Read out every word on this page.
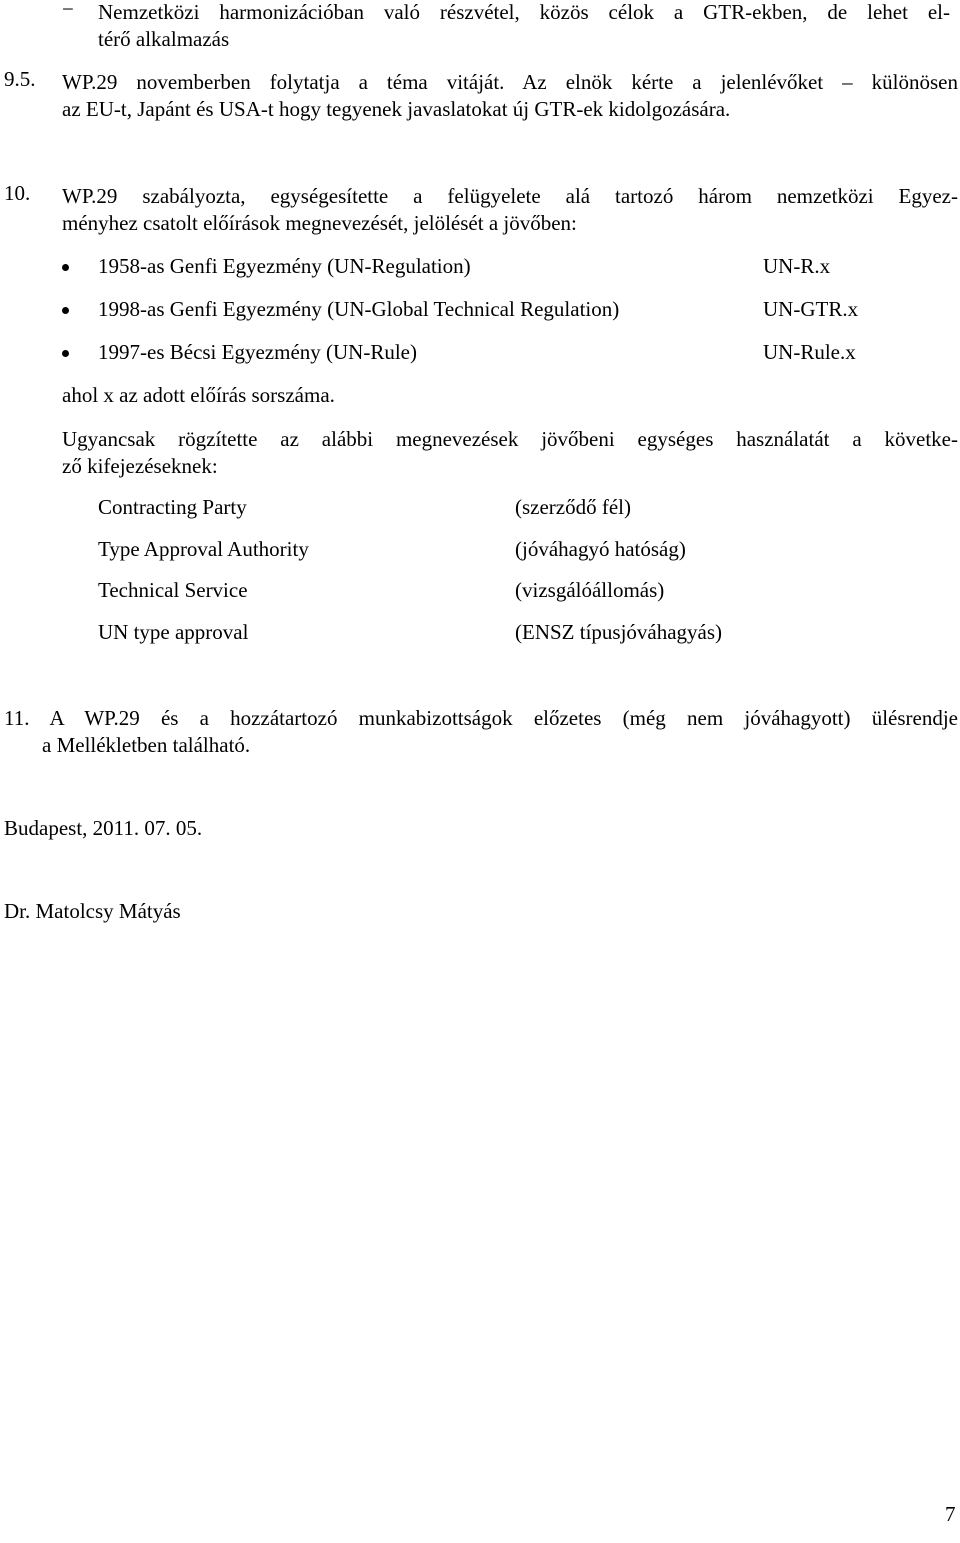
− Nemzetközi harmonizációban való részvétel, közös célok a GTR-ekben, de lehet el-
térő alkalmazás
9.5. WP.29 novemberben folytatja a téma vitáját. Az elnök kérte a jelenlévőket – különösen
az EU-t, Japánt és USA-t hogy tegyenek javaslatokat új GTR-ek kidolgozására.
10. WP.29 szabályozta, egységesítette a felügyelete alá tartozó három nemzetközi Egyez-
ményhez csatolt előírások megnevezését, jelölését a jövőben:
1958-as Genfi Egyezmény (UN-Regulation)	UN-R.x
1998-as Genfi Egyezmény (UN-Global Technical Regulation)	UN-GTR.x
1997-es Bécsi Egyezmény (UN-Rule)	UN-Rule.x
ahol x az adott előírás sorszáma.
Ugyancsak rögzítette az alábbi megnevezések jövőbeni egységes használatát a követke-
ző kifejezéseknek:
Contracting Party	(szerződő fél)
Type Approval Authority	(jóváhagyó hatóság)
Technical Service	(vizsgálóállomás)
UN type approval	(ENSZ típusjóváhagyás)
11. A WP.29 és a hozzátartozó munkabizottságok előzetes (még nem jóváhagyott) ülésrendje
a Mellékletben található.
Budapest, 2011. 07. 05.
Dr. Matolcsy Mátyás
7
